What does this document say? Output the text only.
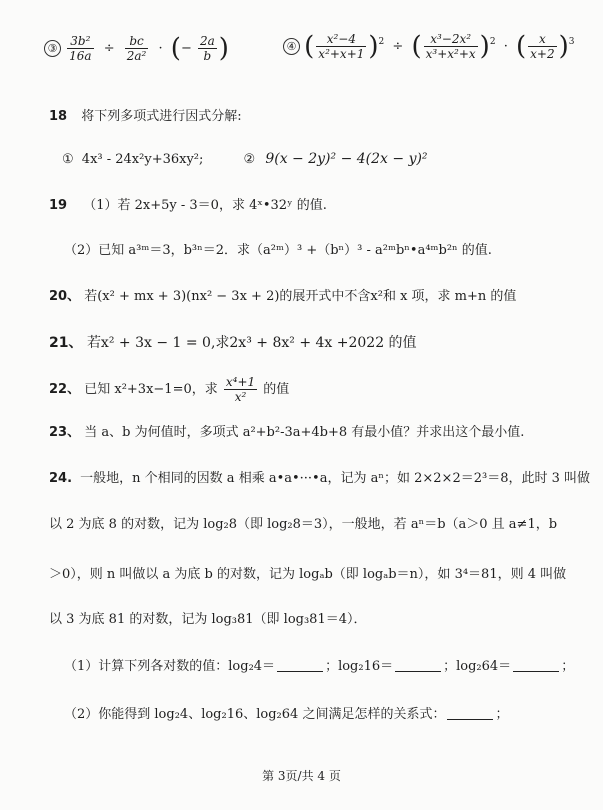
③ $\frac{\text{3b²}}{16a} \div \frac{bc}{\text{2a²}}$ · (− $\frac{2a}{b}$ )	④ ( $\frac{\text{x²−4}}{\text{x²+x+1}} )^2$ ÷ ( $\frac{\text{x³−2x²}}{\text{x³+x²+x}} )^2$ · ( $\frac{x}{x+2} )^3$
18 将下列多项式进行因式分解:
① 4x³ - 24x²y+36xy²;	② 9(x − 2y)² − 4(2x − y)²
19 （1）若 2x+5y - 3＝0，求 4ˣ•32ʸ 的值.
（2）已知 a³ᵐ＝3，b³ⁿ＝2．求（a²ᵐ）³ +（bⁿ）³ - a²ᵐbⁿ•a⁴ᵐb²ⁿ 的值.
20、 若(x² + mx + 3)(nx² − 3x + 2)的展开式中不含x²和 x 项，求 m+n 的值
21、 若x² + 3x − 1 = 0,求2x³ + 8x² + 4x +2022 的值
22、 已知 x²+3x−1=0，求 $\frac{\text{x⁴+1}}{\text{x²}}$ 的值
23、 当 a、b 为何值时，多项式 a²+b²-3a+4b+8 有最小值？并求出这个最小值.
24. 一般地，n 个相同的因数 a 相乘 a•a•···•a，记为 aⁿ；如 2×2×2＝2³＝8，此时 3 叫做
以 2 为底 8 的对数，记为 log₂8（即 log₂8＝3），一般地，若 aⁿ＝b（a＞0 且 a≠1，b
＞0），则 n 叫做以 a 为底 b 的对数，记为 logₐb（即 logₐb＝n），如 3⁴＝81，则 4 叫做
以 3 为底 81 的对数，记为 log₃81（即 log₃81＝4）．
（1）计算下列各对数的值：log₂4＝	；log₂16＝	；log₂64＝	；
（2）你能得到 log₂4、log₂16、log₂64 之间满足怎样的关系式：	；
第 3页/共 4 页
